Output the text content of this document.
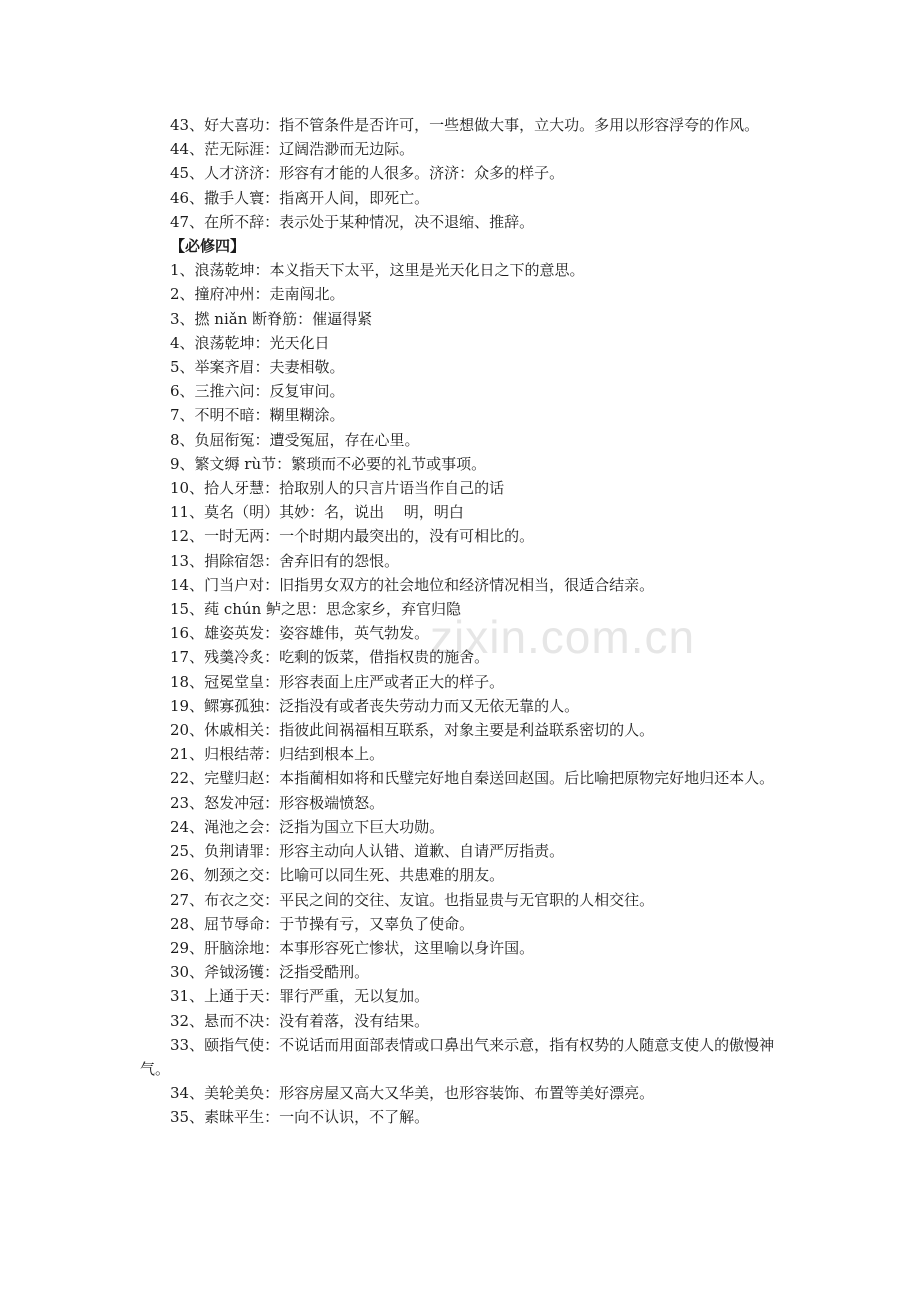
zixin.com.cn

43、好大喜功：指不管条件是否许可，一些想做大事，立大功。多用以形容浮夸的作风。

44、茫无际涯：辽阔浩渺而无边际。

45、人才济济：形容有才能的人很多。济济：众多的样子。

46、撒手人寰：指离开人间，即死亡。

47、在所不辞：表示处于某种情况，决不退缩、推辞。

【必修四】

1、浪荡乾坤：本义指天下太平，这里是光天化日之下的意思。

2、撞府冲州：走南闯北。

3、撚 niǎn 断脊筋：催逼得紧

4、浪荡乾坤：光天化日

5、举案齐眉：夫妻相敬。

6、三推六问：反复审问。

7、不明不暗：糊里糊涂。

8、负屈衔冤：遭受冤屈，存在心里。

9、繁文缛 rù节：繁琐而不必要的礼节或事项。

10、拾人牙慧：拾取别人的只言片语当作自己的话

11、莫名（明）其妙：名，说出　 明，明白

12、一时无两：一个时期内最突出的，没有可相比的。

13、捐除宿怨：舍弃旧有的怨恨。

14、门当户对：旧指男女双方的社会地位和经济情况相当，很适合结亲。

15、莼 chún 鲈之思：思念家乡，弃官归隐

16、雄姿英发：姿容雄伟，英气勃发。

17、残羹冷炙：吃剩的饭菜，借指权贵的施舍。

18、冠冕堂皇：形容表面上庄严或者正大的样子。

19、鳏寡孤独：泛指没有或者丧失劳动力而又无依无靠的人。

20、休戚相关：指彼此间祸福相互联系，对象主要是利益联系密切的人。

21、归根结蒂：归结到根本上。

22、完璧归赵：本指蔺相如将和氏璧完好地自秦送回赵国。后比喻把原物完好地归还本人。

23、怒发冲冠：形容极端愤怒。

24、渑池之会：泛指为国立下巨大功勋。

25、负荆请罪：形容主动向人认错、道歉、自请严厉指责。

26、刎颈之交：比喻可以同生死、共患难的朋友。

27、布衣之交：平民之间的交往、友谊。也指显贵与无官职的人相交往。

28、屈节辱命：于节操有亏，又辜负了使命。

29、肝脑涂地：本事形容死亡惨状，这里喻以身许国。

30、斧钺汤镬：泛指受酷刑。

31、上通于天：罪行严重，无以复加。

32、悬而不决：没有着落，没有结果。

33、颐指气使：不说话而用面部表情或口鼻出气来示意，指有权势的人随意支使人的傲慢神气。

34、美轮美奂：形容房屋又高大又华美，也形容装饰、布置等美好漂亮。

35、素昧平生：一向不认识，不了解。
